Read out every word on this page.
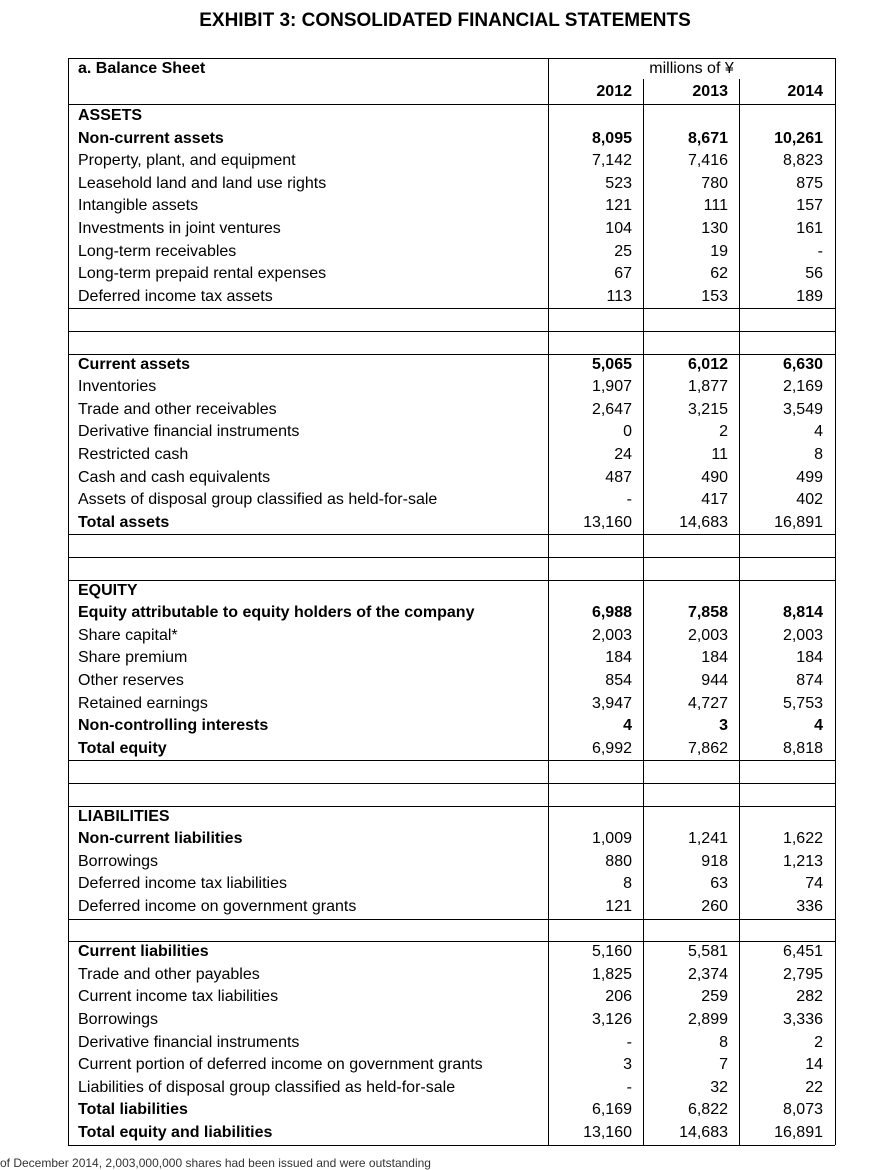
EXHIBIT 3: CONSOLIDATED FINANCIAL STATEMENTS
a. Balance Sheet	millions of ¥
2012	2013	2014
ASSETS
Non-current assets	8,095	8,671	10,261
Property, plant, and equipment	7,142	7,416	8,823
Leasehold land and land use rights	523	780	875
Intangible assets	121	111	157
Investments in joint ventures	104	130	161
Long-term receivables	25	19	-
Long-term prepaid rental expenses	67	62	56
Deferred income tax assets	113	153	189
Current assets	5,065	6,012	6,630
Inventories	1,907	1,877	2,169
Trade and other receivables	2,647	3,215	3,549
Derivative financial instruments	0	2	4
Restricted cash	24	11	8
Cash and cash equivalents	487	490	499
Assets of disposal group classified as held-for-sale	-	417	402
Total assets	13,160	14,683	16,891
EQUITY
Equity attributable to equity holders of the company	6,988	7,858	8,814
Share capital*	2,003	2,003	2,003
Share premium	184	184	184
Other reserves	854	944	874
Retained earnings	3,947	4,727	5,753
Non-controlling interests	4	3	4
Total equity	6,992	7,862	8,818
LIABILITIES
Non-current liabilities	1,009	1,241	1,622
Borrowings	880	918	1,213
Deferred income tax liabilities	8	63	74
Deferred income on government grants	121	260	336
Current liabilities	5,160	5,581	6,451
Trade and other payables	1,825	2,374	2,795
Current income tax liabilities	206	259	282
Borrowings	3,126	2,899	3,336
Derivative financial instruments	-	8	2
Current portion of deferred income on government grants	3	7	14
Liabilities of disposal group classified as held-for-sale	-	32	22
Total liabilities	6,169	6,822	8,073
Total equity and liabilities	13,160	14,683	16,891
of December 2014, 2,003,000,000 shares had been issued and were outstanding
